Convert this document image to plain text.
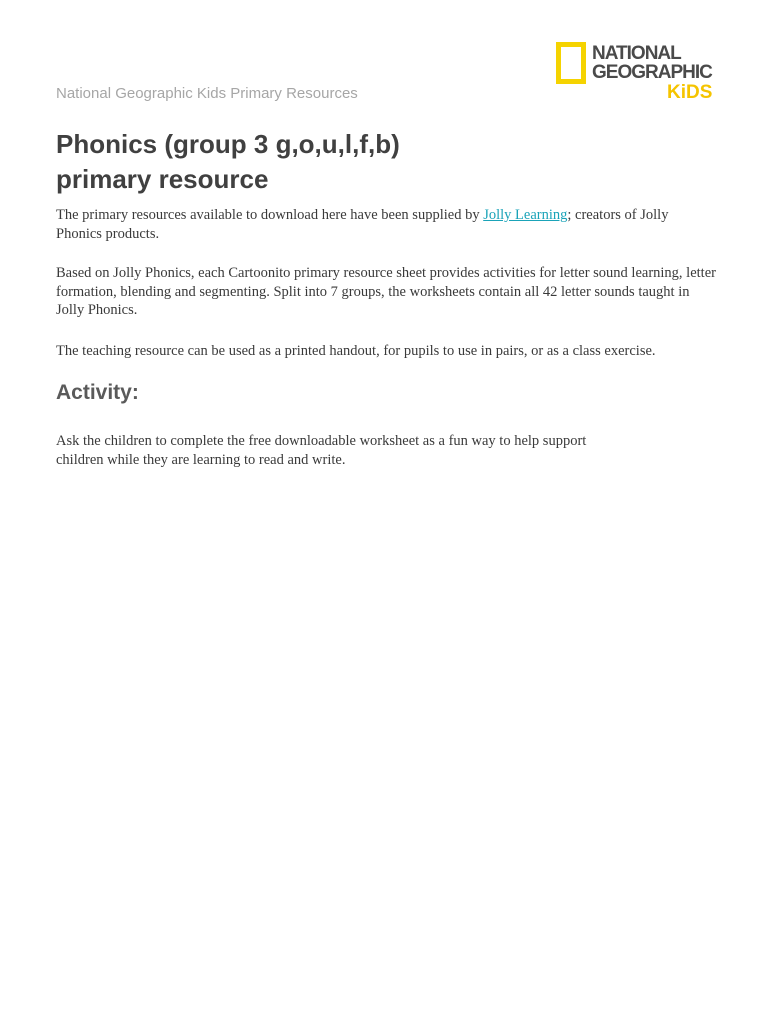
National Geographic Kids Primary Resources
NATIONAL
GEOGRAPHIC
KiDS
Phonics (group 3 g,o,u,l,f,b)
primary resource

The primary resources available to download here have been supplied by Jolly Learning; creators of Jolly Phonics products.

Based on Jolly Phonics, each Cartoonito primary resource sheet provides activities for letter sound learning, letter formation, blending and segmenting. Split into 7 groups, the worksheets contain all 42 letter sounds taught in Jolly Phonics.

The teaching resource can be used as a printed handout, for pupils to use in pairs, or as a class exercise.

Activity:

Ask the children to complete the free downloadable worksheet as a fun way to help support children while they are learning to read and write.
